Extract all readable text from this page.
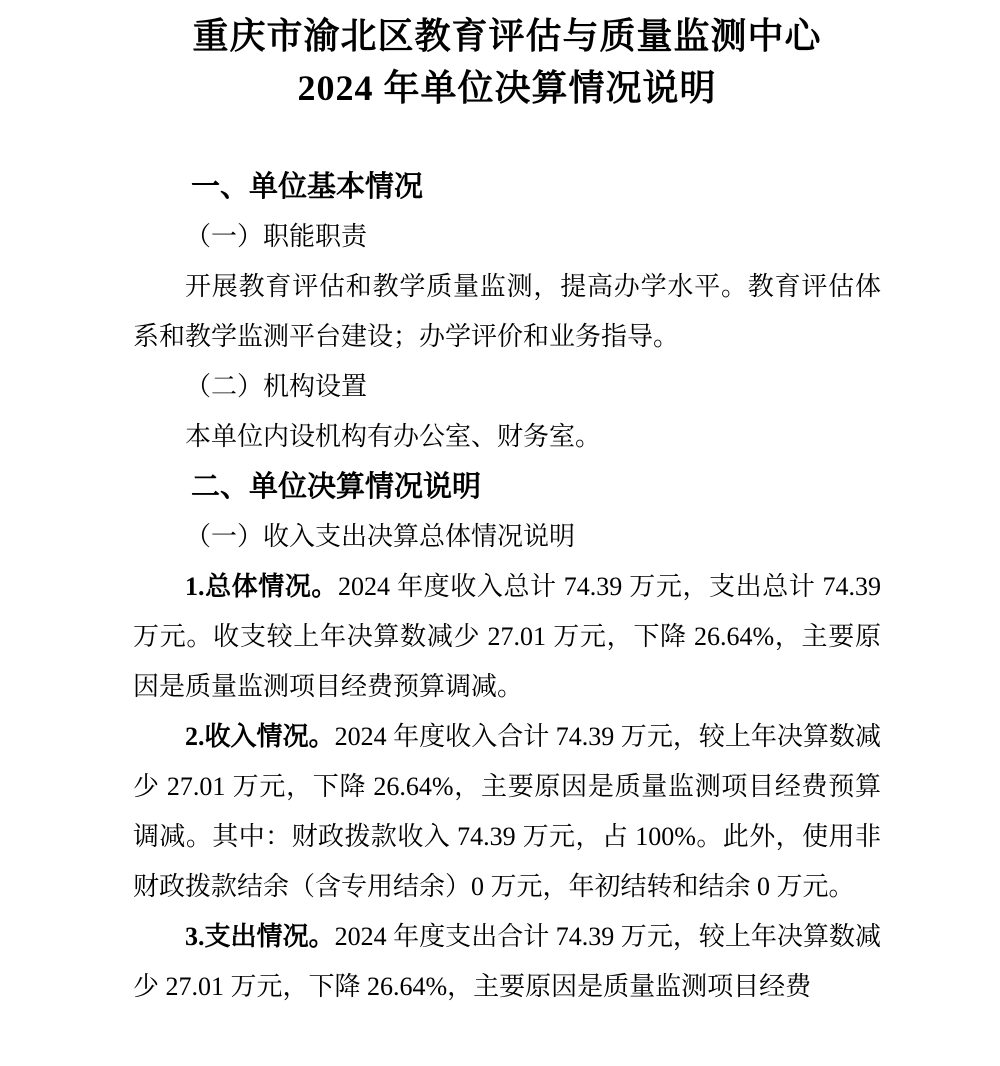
重庆市渝北区教育评估与质量监测中心
2024 年单位决算情况说明

一、单位基本情况

（一）职能职责

开展教育评估和教学质量监测，提高办学水平。教育评估体系和教学监测平台建设；办学评价和业务指导。

（二）机构设置

本单位内设机构有办公室、财务室。

二、单位决算情况说明

（一）收入支出决算总体情况说明

1.总体情况。2024 年度收入总计 74.39 万元，支出总计 74.39 万元。收支较上年决算数减少 27.01 万元，下降 26.64%，主要原因是质量监测项目经费预算调减。

2.收入情况。2024 年度收入合计 74.39 万元，较上年决算数减少 27.01 万元，下降 26.64%，主要原因是质量监测项目经费预算调减。其中：财政拨款收入 74.39 万元，占 100%。此外，使用非财政拨款结余（含专用结余）0 万元，年初结转和结余 0 万元。

3.支出情况。2024 年度支出合计 74.39 万元，较上年决算数减少 27.01 万元，下降 26.64%，主要原因是质量监测项目经费
